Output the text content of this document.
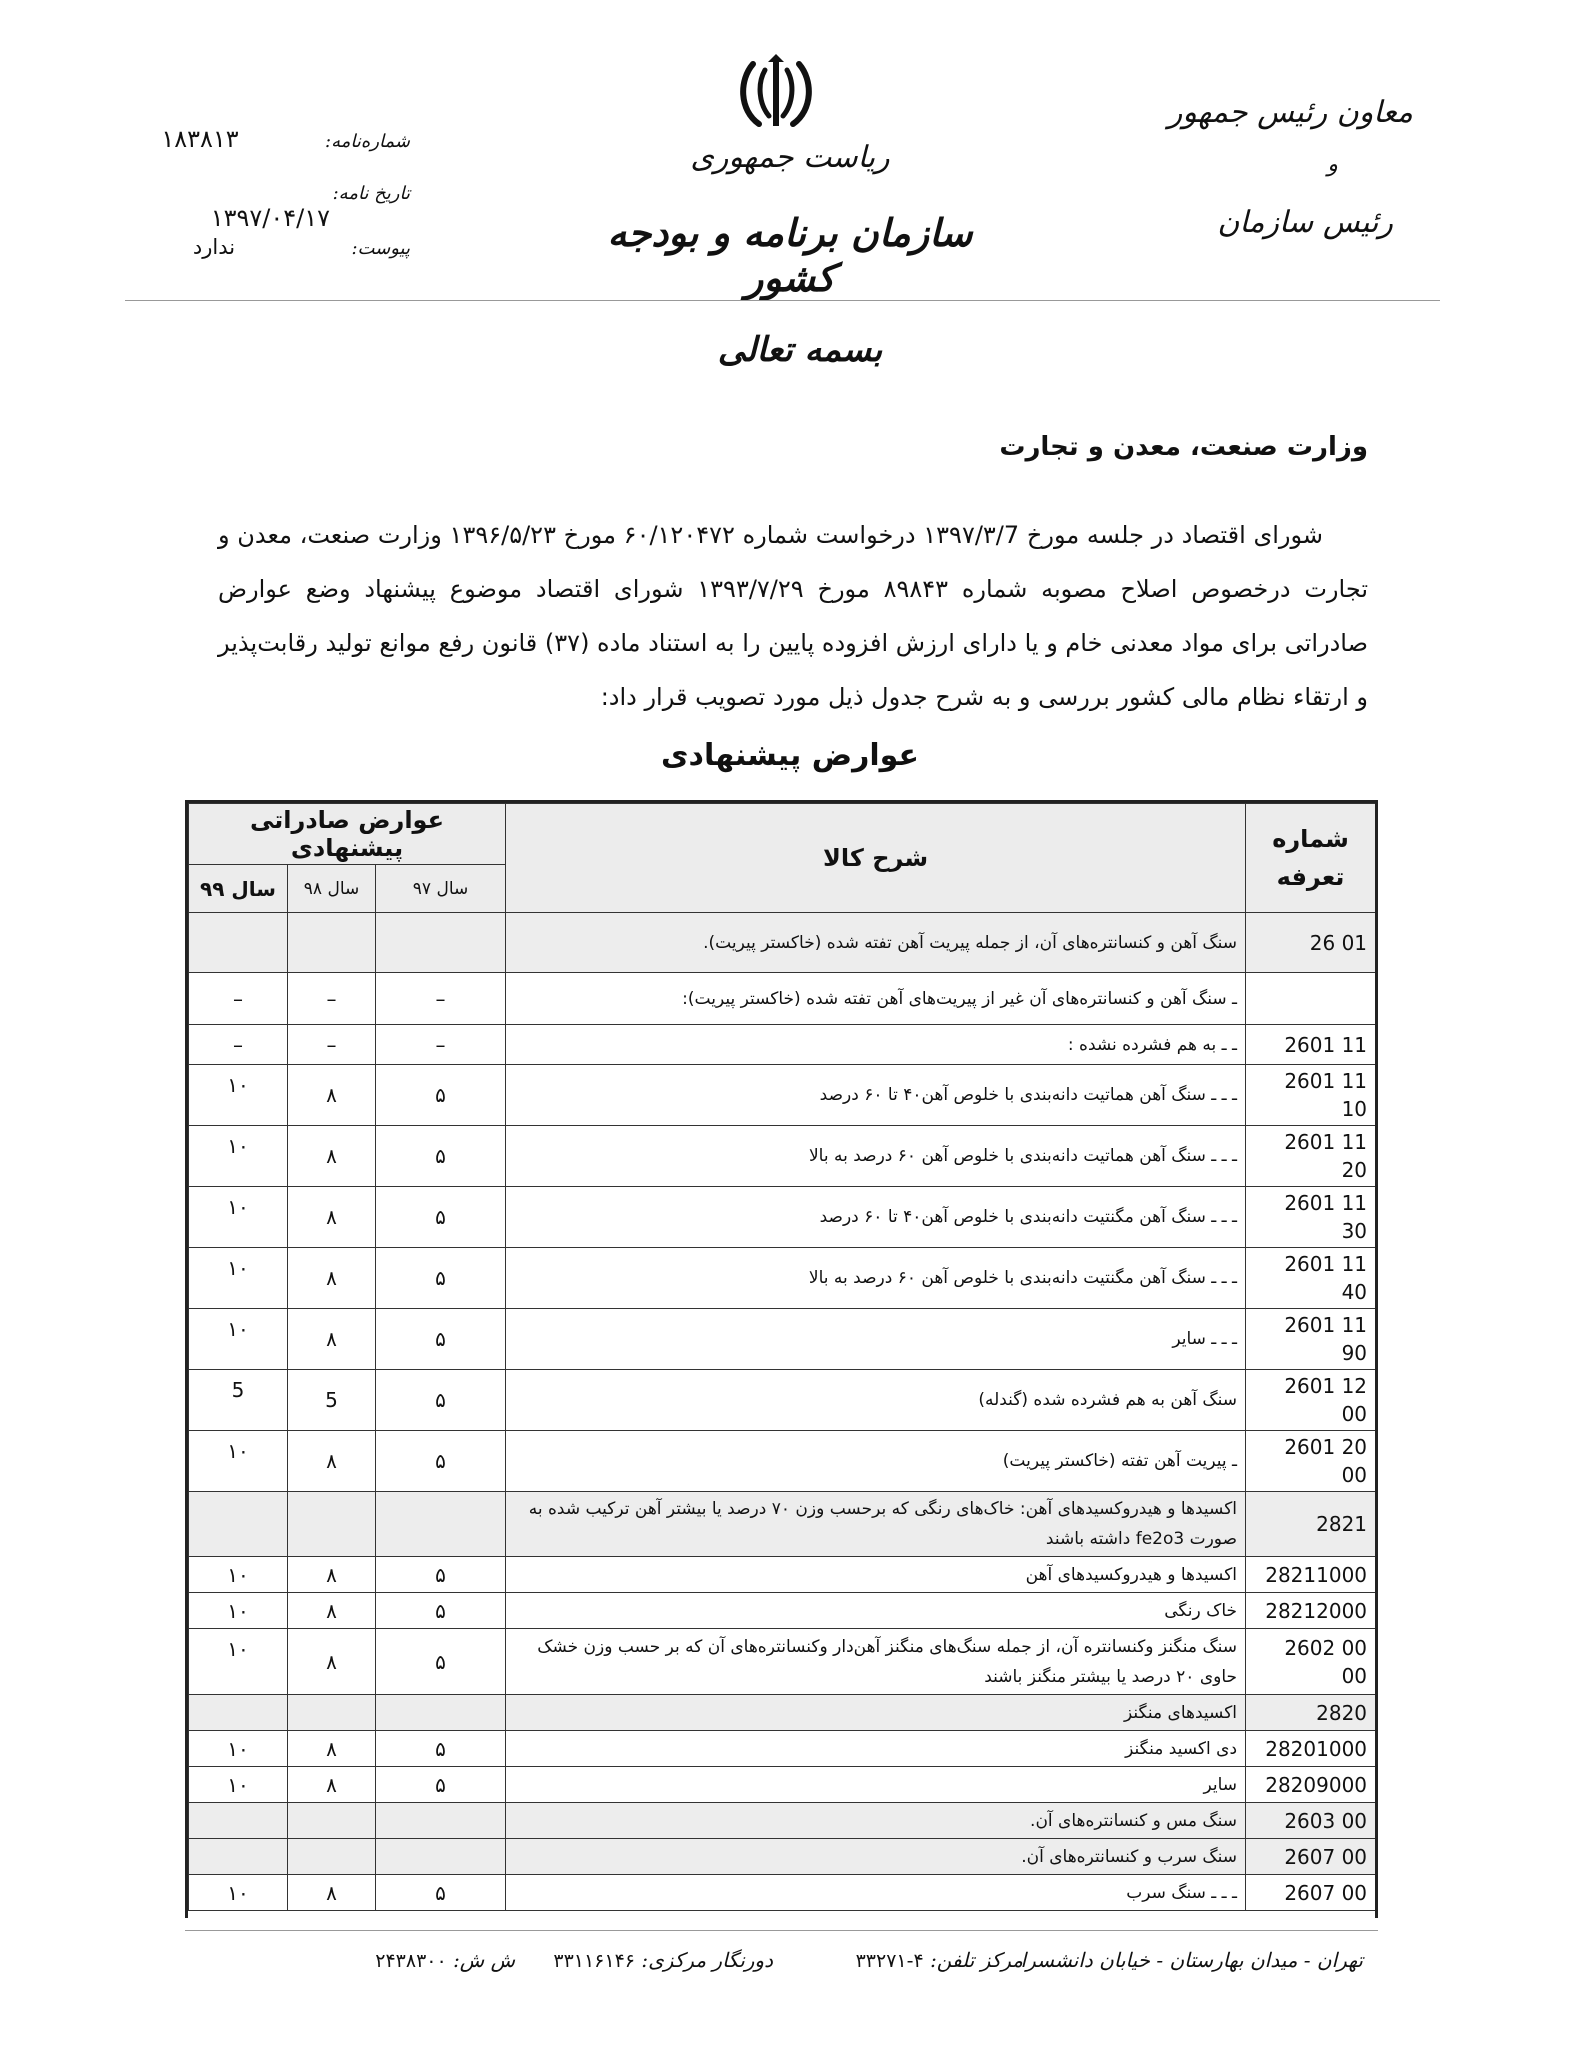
شماره‌نامه: ۱۸۳۸۱۳
تاریخ نامه: ۱۳۹۷/۰۴/۱۷
پیوست: ندارد
ریاست جمهوری
سازمان برنامه و بودجه کشور
معاون رئیس جمهور
و
رئیس سازمان
بسمه تعالی
وزارت صنعت، معدن و تجارت
شورای اقتصاد در جلسه مورخ ۱۳۹۷/۳/7 درخواست شماره ۶۰/۱۲۰۴۷۲ مورخ ۱۳۹۶/۵/۲۳ وزارت صنعت، معدن و تجارت درخصوص اصلاح مصوبه شماره ۸۹۸۴۳ مورخ ۱۳۹۳/۷/۲۹ شورای اقتصاد موضوع پیشنهاد وضع عوارض صادراتی برای مواد معدنی خام و یا دارای ارزش افزوده پایین را به استناد ماده (۳۷) قانون رفع موانع تولید رقابت‌پذیر و ارتقاء نظام مالی کشور بررسی و به شرح جدول ذیل مورد تصویب قرار داد:
عوارض پیشنهادی
شماره تعرفه	شرح کالا	عوارض صادراتی پیشنهادی		
		سال ۹۷	سال ۹۸	سال ۹۹
26 01	سنگ آهن و کنسانتره‌های آن، از جمله پیریت آهن تفته شده (خاکستر پیریت).			
	ـ سنگ آهن و کنسانتره‌های آن غیر از پیریت‌های آهن تفته شده (خاکستر پیریت):	–	–	–
2601 11	ـ ـ به هم فشرده نشده :	–	–	–
2601 11 10	ـ ـ ـ سنگ آهن هماتیت دانه‌بندی با خلوص آهن۴۰ تا ۶۰ درصد	۵	۸	۱۰
2601 11 20	ـ ـ ـ سنگ آهن هماتیت دانه‌بندی با خلوص آهن ۶۰ درصد به بالا	۵	۸	۱۰
2601 11 30	ـ ـ ـ سنگ آهن مگنتیت دانه‌بندی با خلوص آهن۴۰ تا ۶۰ درصد	۵	۸	۱۰
2601 11 40	ـ ـ ـ سنگ آهن مگنتیت دانه‌بندی با خلوص آهن ۶۰ درصد به بالا	۵	۸	۱۰
2601 11 90	ـ ـ ـ سایر	۵	۸	۱۰
2601 12 00	سنگ آهن به هم فشرده شده (گندله)	۵	5	5
2601 20 00	ـ پیریت آهن تفته (خاکستر پیریت)	۵	۸	۱۰
2821	اکسیدها و هیدروکسیدهای آهن: خاک‌های رنگی که برحسب وزن ۷۰ درصد یا بیشتر آهن ترکیب شده به صورت fe2o3 داشته باشند			
28211000	اکسیدها و هیدروکسیدهای آهن	۵	۸	۱۰
28212000	خاک رنگی	۵	۸	۱۰
2602 00 00	سنگ منگنز وکنسانتره آن، از جمله سنگ‌های منگنز آهن‌دار وکنسانتره‌های آن که بر حسب وزن خشک حاوی ۲۰ درصد یا بیشتر منگنز باشند	۵	۸	۱۰
2820	اکسیدهای منگنز			
28201000	دی اکسید منگنز	۵	۸	۱۰
28209000	سایر	۵	۸	۱۰
2603 00	سنگ مس و کنسانتره‌های آن.			
2607 00	سنگ سرب و کنسانتره‌های آن.			
2607 00	ـ ـ ـ سنگ سرب	۵	۸	۱۰
تهران - میدان بهارستان - خیابان دانشسرا
مرکز تلفن: ۴-۳۳۲۷۱
دورنگار مرکزی: ۳۳۱۱۶۱۴۶
ش ش: ۲۴۳۸۳۰۰
